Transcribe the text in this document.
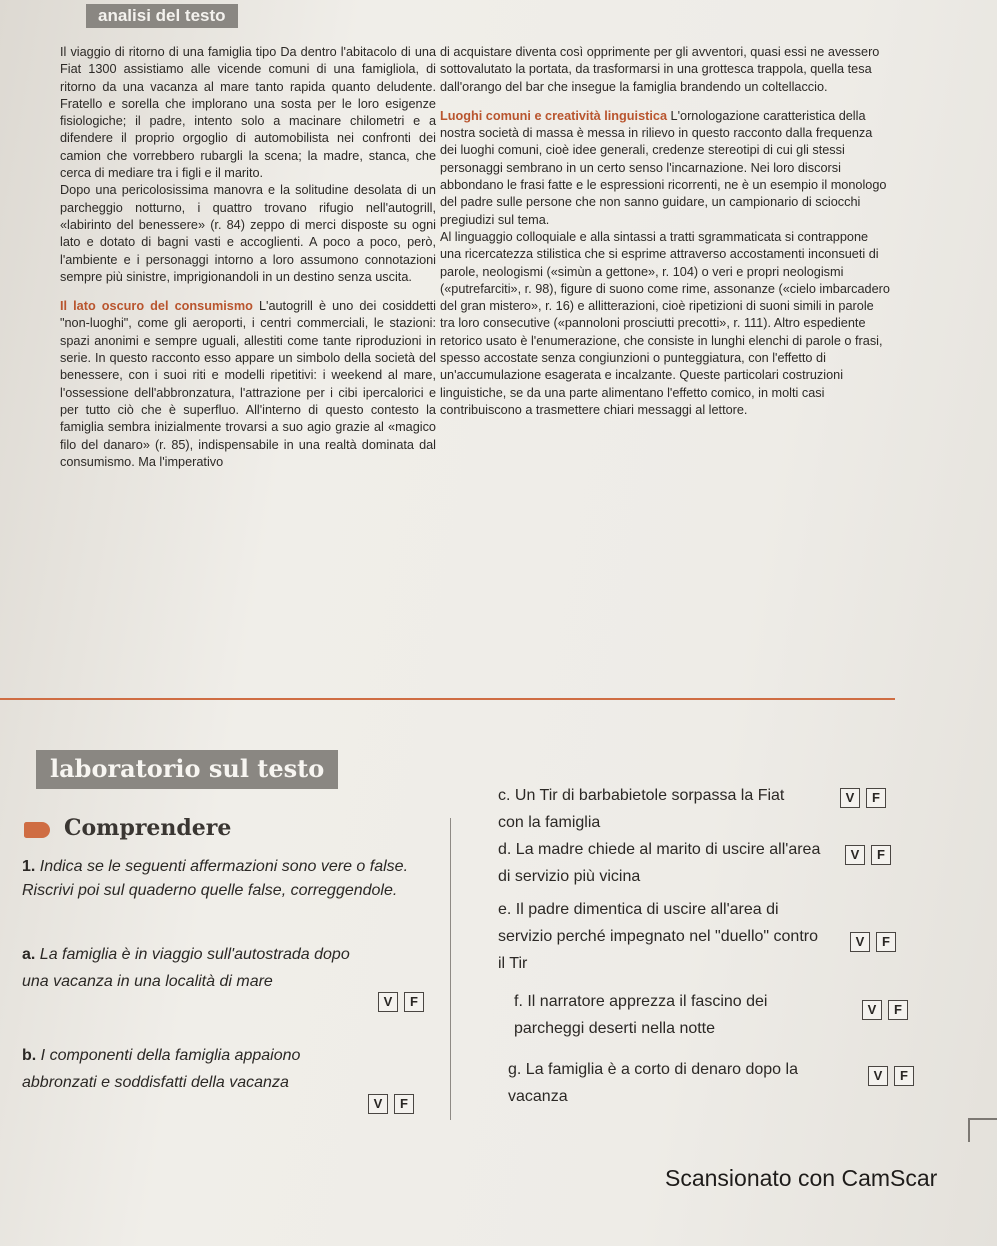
analisi del testo

Il viaggio di ritorno di una famiglia tipo Da dentro l'abitacolo di una Fiat 1300 assistiamo alle vicende comuni di una famigliola, di ritorno da una vacanza al mare tanto rapida quanto deludente. Fratello e sorella che implorano una sosta per le loro esigenze fisiologiche; il padre, intento solo a macinare chilometri e a difendere il proprio orgoglio di automobilista nei confronti dei camion che vorrebbero rubargli la scena; la madre, stanca, che cerca di mediare tra i figli e il marito.

Dopo una pericolosissima manovra e la solitudine desolata di un parcheggio notturno, i quattro trovano rifugio nell'autogrill, «labirinto del benessere» (r. 84) zeppo di merci disposte su ogni lato e dotato di bagni vasti e accoglienti. A poco a poco, però, l'ambiente e i personaggi intorno a loro assumono connotazioni sempre più sinistre, imprigionandoli in un destino senza uscita.

Il lato oscuro del consumismo L'autogrill è uno dei cosiddetti "non-luoghi", come gli aeroporti, i centri commerciali, le stazioni: spazi anonimi e sempre uguali, allestiti come tante riproduzioni in serie. In questo racconto esso appare un simbolo della società del benessere, con i suoi riti e modelli ripetitivi: i weekend al mare, l'ossessione dell'abbronzatura, l'attrazione per i cibi ipercalorici e per tutto ciò che è superfluo. All'interno di questo contesto la famiglia sembra inizialmente trovarsi a suo agio grazie al «magico filo del danaro» (r. 85), indispensabile in una realtà dominata dal consumismo. Ma l'imperativo

di acquistare diventa così opprimente per gli avventori, quasi essi ne avessero sottovalutato la portata, da trasformarsi in una grottesca trappola, quella tesa dall'orango del bar che insegue la famiglia brandendo un coltellaccio.

Luoghi comuni e creatività linguistica L'ornologazione caratteristica della nostra società di massa è messa in rilievo in questo racconto dalla frequenza dei luoghi comuni, cioè idee generali, credenze stereotipi di cui gli stessi personaggi sembrano in un certo senso l'incarnazione. Nei loro discorsi abbondano le frasi fatte e le espressioni ricorrenti, ne è un esempio il monologo del padre sulle persone che non sanno guidare, un campionario di sciocchi pregiudizi sul tema.

Al linguaggio colloquiale e alla sintassi a tratti sgrammaticata si contrappone una ricercatezza stilistica che si esprime attraverso accostamenti inconsueti di parole, neologismi («simùn a gettone», r. 104) o veri e propri neologismi («putrefarciti», r. 98), figure di suono come rime, assonanze («cielo imbarcadero del gran mistero», r. 16) e allitterazioni, cioè ripetizioni di suoni simili in parole tra loro consecutive («pannoloni prosciutti precotti», r. 111). Altro espediente retorico usato è l'enumerazione, che consiste in lunghi elenchi di parole o frasi, spesso accostate senza congiunzioni o punteggiatura, con l'effetto di un'accumulazione esagerata e incalzante. Queste particolari costruzioni linguistiche, se da una parte alimentano l'effetto comico, in molti casi contribuiscono a trasmettere chiari messaggi al lettore.

laboratorio sul testo
Comprendere
1. Indica se le seguenti affermazioni sono vere o false. Riscrivi poi sul quaderno quelle false, correggendole.
a. La famiglia è in viaggio sull'autostrada dopo una vacanza in una località di mare
V	F
b. I componenti della famiglia appaiono abbronzati e soddisfatti della vacanza
V	F
c. Un Tir di barbabietole sorpassa la Fiat con la famiglia
V	F
d. La madre chiede al marito di uscire all'area di servizio più vicina
V	F
e. Il padre dimentica di uscire all'area di servizio perché impegnato nel "duello" contro il Tir
V	F
f. Il narratore apprezza il fascino dei parcheggi deserti nella notte
V	F
g. La famiglia è a corto di denaro dopo la vacanza
V	F
Scansionato con CamScar
